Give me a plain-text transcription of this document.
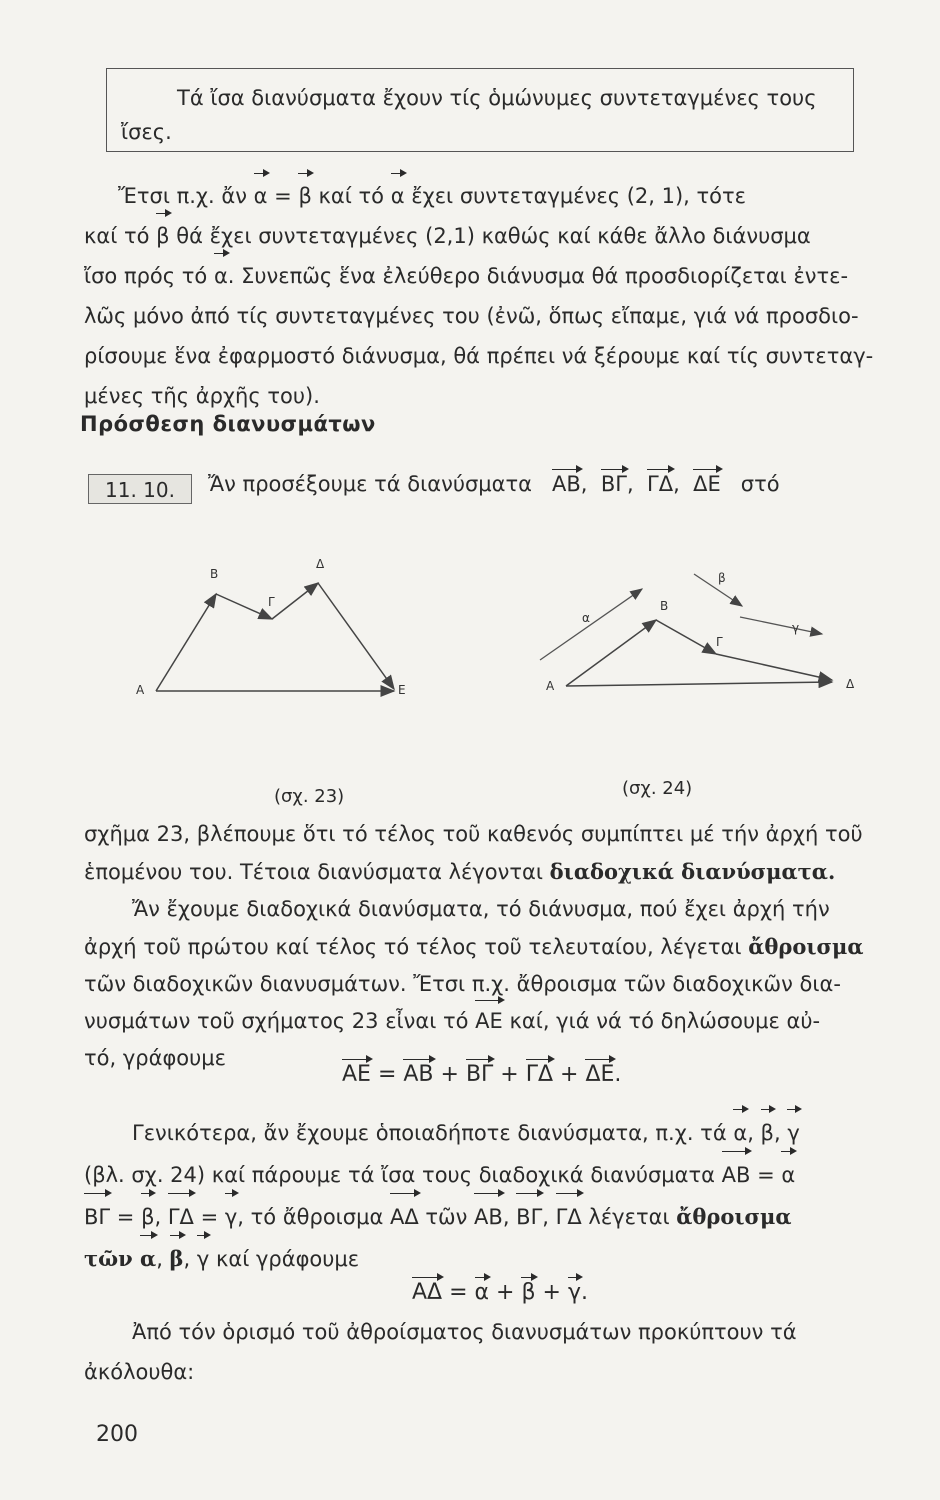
Τά ἴσα διανύσματα ἔχουν τίς ὁμώνυμες συντεταγμένες τους
ἴσες.
Ἔτσι π.χ. ἄν α = β καί τό α ἔχει συντεταγμένες (2, 1), τότε
καί τό β θά ἔχει συντεταγμένες (2,1) καθώς καί κάθε ἄλλο διάνυσμα
ἴσο πρός τό α. Συνεπῶς ἕνα ἐλεύθερο διάνυσμα θά προσδιορίζεται ἐντε-
λῶς μόνο ἀπό τίς συντεταγμένες του (ἐνῶ, ὅπως εἴπαμε, γιά νά προσδιο-
ρίσουμε ἕνα ἐφαρμοστό διάνυσμα, θά πρέπει νά ξέρουμε καί τίς συντεταγ-
μένες τῆς ἀρχῆς του).
Πρόσθεση διανυσμάτων
11. 10.	Ἄν προσέξουμε τά διανύσματα ΑΒ, ΒΓ, ΓΔ, ΔΕ στό
Α
Β
Γ
Δ
Ε	Α
Β
Γ
Δ
α
β
γ
(σχ. 23)	(σχ. 24)
σχῆμα 23, βλέπουμε ὅτι τό τέλος τοῦ καθενός συμπίπτει μέ τήν ἀρχή τοῦ
ἑπομένου του. Τέτοια διανύσματα λέγονται διαδοχικά διανύσματα.
Ἄν ἔχουμε διαδοχικά διανύσματα, τό διάνυσμα, πού ἔχει ἀρχή τήν
ἀρχή τοῦ πρώτου καί τέλος τό τέλος τοῦ τελευταίου, λέγεται ἄθροισμα
τῶν διαδοχικῶν διανυσμάτων. Ἔτσι π.χ. ἄθροισμα τῶν διαδοχικῶν δια-
νυσμάτων τοῦ σχήματος 23 εἶναι τό ΑΕ καί, γιά νά τό δηλώσουμε αὐ-
τό, γράφουμε
ΑΕ = ΑΒ + ΒΓ + ΓΔ + ΔΕ.
Γενικότερα, ἄν ἔχουμε ὁποιαδήποτε διανύσματα, π.χ. τά α, β, γ
(βλ. σχ. 24) καί πάρουμε τά ἴσα τους διαδοχικά διανύσματα ΑΒ = α
ΒΓ = β, ΓΔ = γ, τό ἄθροισμα ΑΔ τῶν ΑΒ, ΒΓ, ΓΔ λέγεται ἄθροισμα
τῶν α, β, γ καί γράφουμε
ΑΔ = α + β + γ.
Ἀπό τόν ὁρισμό τοῦ ἀθροίσματος διανυσμάτων προκύπτουν τά
ἀκόλουθα:
200
